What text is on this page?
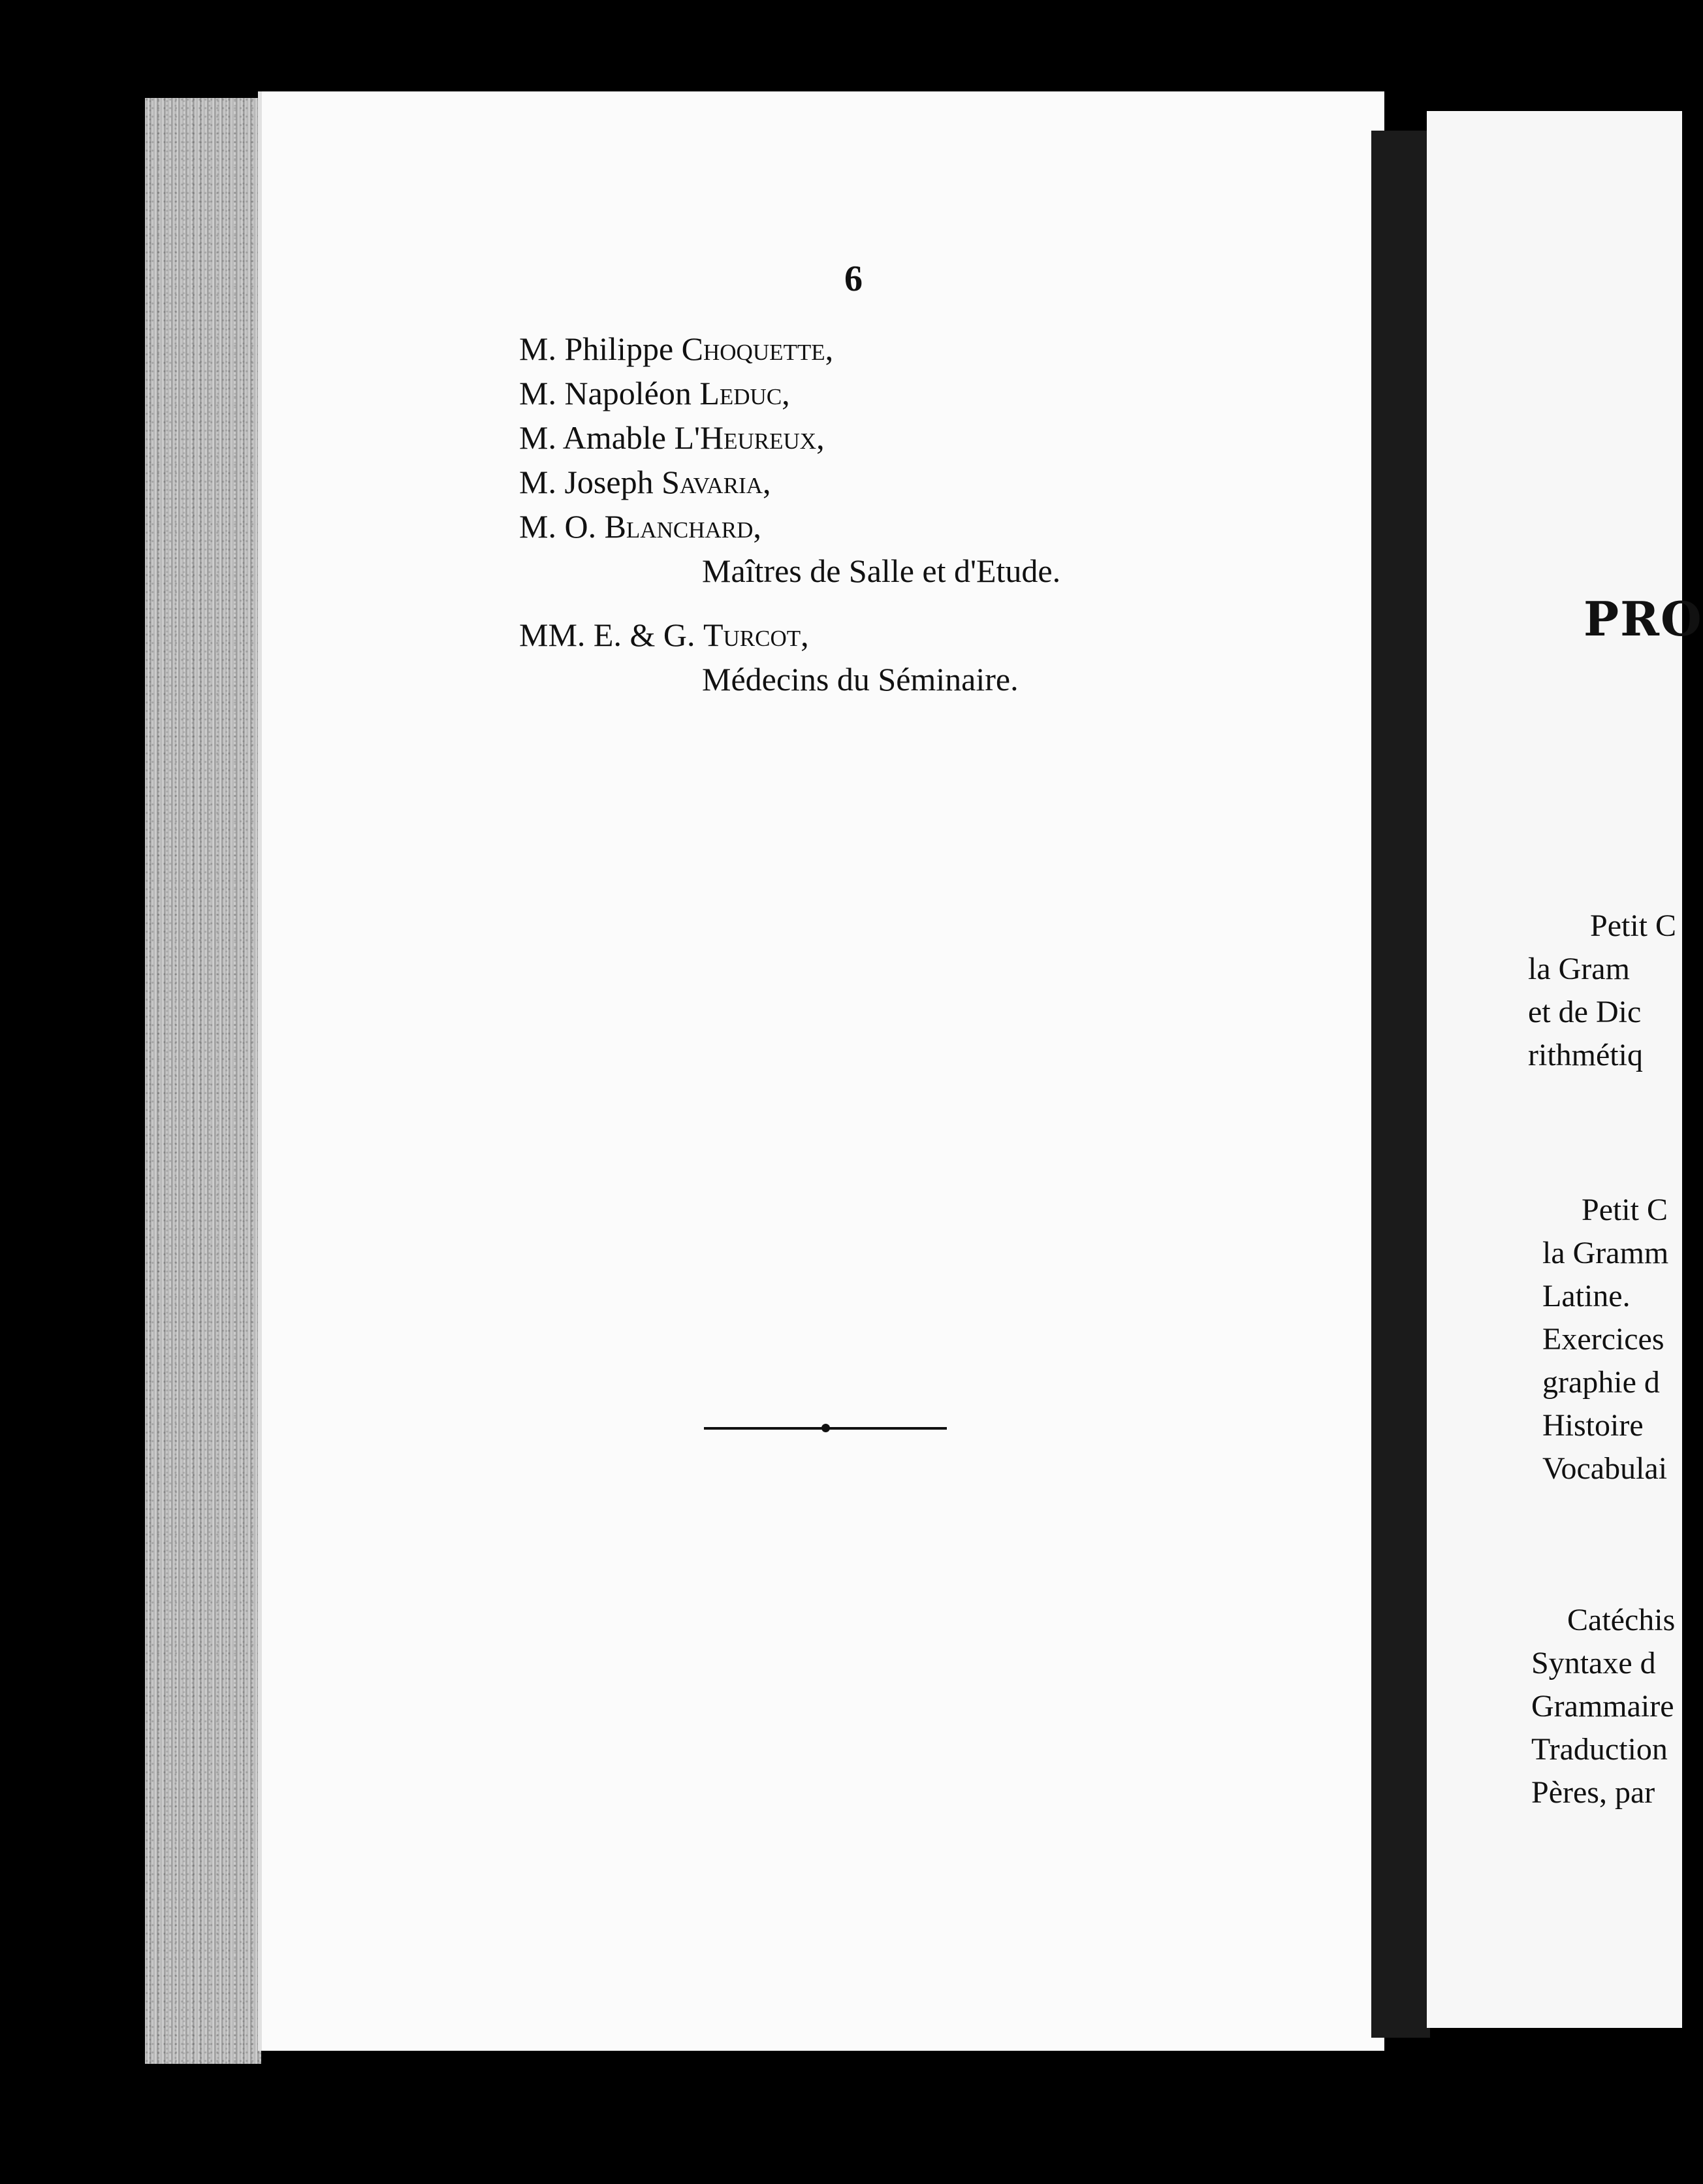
6
M. Philippe Choquette,
M. Napoléon Leduc,
M. Amable L'Heureux,
M. Joseph Savaria,
M. O. Blanchard,
Maîtres de Salle et d'Etude.
MM. E. & G. Turcot,
Médecins du Séminaire.
PRO
Petit C
la Gram
et de Dic
rithmétiq
Petit C
la Gramm
Latine.
Exercices
graphie d
Histoire
Vocabulai
Catéchis
Syntaxe d
Grammaire
Traduction
Pères, par
